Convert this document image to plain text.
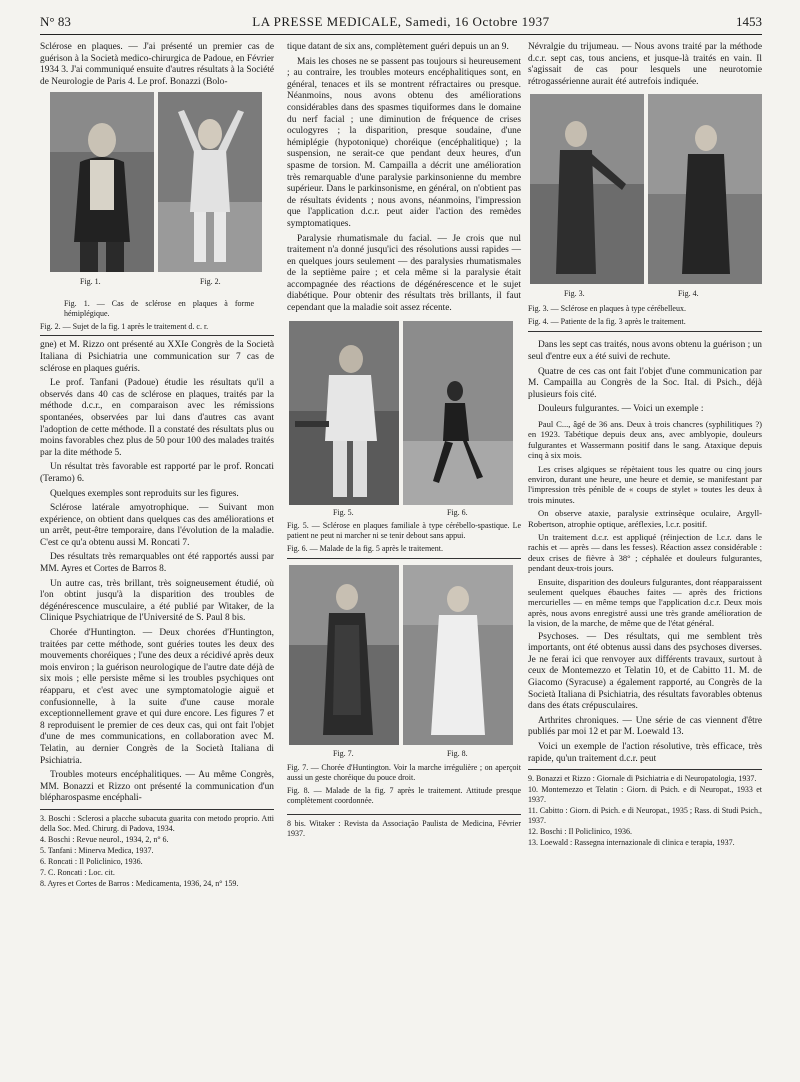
N° 83	LA PRESSE MEDICALE, Samedi, 16 Octobre 1937	1453

Sclérose en plaques. — J'ai présenté un premier cas de guérison à la Società medico-chirurgica de Padoue, en Février 1934 3. J'ai communiqué ensuite d'autres résultats à la Société de Neurologie de Paris 4. Le prof. Bonazzi (Bolo-

Fig. 1.	Fig. 2.

Fig. 1. — Cas de sclérose en plaques à forme hémiplégique.

Fig. 2. — Sujet de la fig. 1 après le traitement d. c. r.

gne) et M. Rizzo ont présenté au XXIe Congrès de la Società Italiana di Psichiatria une communication sur 7 cas de sclérose en plaques guéris.

Le prof. Tanfani (Padoue) étudie les résultats qu'il a observés dans 40 cas de sclérose en plaques, traités par la méthode d.c.r., en comparaison avec les rémissions spontanées, observées par lui dans d'autres cas avant l'adoption de cette méthode. Il a constaté des résultats plus ou moins favorables chez plus de 50 pour 100 des malades traités par la dite méthode 5.

Un résultat très favorable est rapporté par le prof. Roncati (Teramo) 6.

Quelques exemples sont reproduits sur les figures.

Sclérose latérale amyotrophique. — Suivant mon expérience, on obtient dans quelques cas des améliorations et un arrêt, peut-être temporaire, dans l'évolution de la maladie. C'est ce qu'a obtenu aussi M. Roncati 7.

Des résultats très remarquables ont été rapportés aussi par MM. Ayres et Cortes de Barros 8.

Un autre cas, très brillant, très soigneusement étudié, où l'on obtint jusqu'à la disparition des troubles de dégénérescence musculaire, a été publié par Witaker, de la Clinique Psychiatrique de l'Université de S. Paul 8 bis.

Chorée d'Huntington. — Deux chorées d'Huntington, traitées par cette méthode, sont guéries toutes les deux des mouvements choréiques ; l'une des deux a récidivé après deux mois environ ; la guérison neurologique de l'autre date déjà de six mois ; elle persiste même si les troubles psychiques ont réapparu, et c'est avec une symptomatologie aiguë et confusionnelle, à la suite d'une cause morale exceptionnellement grave et qui dure encore. Les figures 7 et 8 reproduisent le premier de ces deux cas, qui ont fait l'objet d'une de mes communications, en collaboration avec M. Telatin, au dernier Congrès de la Società Italiana di Psichiatria.

Troubles moteurs encéphalitiques. — Au même Congrès, MM. Bonazzi et Rizzo ont présenté la communication d'un blépharospasme encéphali-

3. Boschi : Sclerosi a placche subacuta guarita con metodo proprio. Atti della Soc. Med. Chirurg. di Padova, 1934.
4. Boschi : Revue neurol., 1934, 2, n° 6.
5. Tanfani : Minerva Medica, 1937.
6. Roncati : Il Policlinico, 1936.
7. C. Roncati : Loc. cit.
8. Ayres et Cortes de Barros : Medicamenta, 1936, 24, n° 159.

tique datant de six ans, complètement guéri depuis un an 9.

Mais les choses ne se passent pas toujours si heureusement ; au contraire, les troubles moteurs encéphalitiques sont, en général, tenaces et ils se montrent réfractaires ou presque. Néanmoins, nous avons obtenu des améliorations considérables dans des spasmes tiquiformes dans le domaine du nerf facial ; une diminution de fréquence de crises oculogyres ; la disparition, presque soudaine, d'une hémiplégie (hypotonique) choréique (encéphalitique) ; la suspension, ne serait-ce que pendant deux heures, d'un spasme de torsion. M. Campailla a décrit une amélioration très remarquable d'une paralysie parkinsonienne du membre supérieur. Dans le parkinsonisme, en général, on n'obtient pas de résultats évidents ; nous avons, néanmoins, l'impression que l'application d.c.r. peut aider l'action des remèdes symptomatiques.

Paralysie rhumatismale du facial. — Je crois que nul traitement n'a donné jusqu'ici des résolutions aussi rapides — en quelques jours seulement — des paralysies rhumatismales de la septième paire ; et cela même si la paralysie était accompagnée des réactions de dégénérescence et le sujet diabétique. Pour obtenir des résultats très brillants, il faut cependant que la maladie soit assez récente.

Fig. 5.	Fig. 6.

Fig. 5. — Sclérose en plaques familiale à type cérébello-spastique. Le patient ne peut ni marcher ni se tenir debout sans appui.

Fig. 6. — Malade de la fig. 5 après le traitement.

Fig. 7.	Fig. 8.

Fig. 7. — Chorée d'Huntington. Voir la marche irrégulière ; on aperçoit aussi un geste choréique du pouce droit.

Fig. 8. — Malade de la fig. 7 après le traitement. Attitude presque complètement coordonnée.

8 bis. Witaker : Revista da Associação Paulista de Medicina, Février 1937.

Névralgie du trijumeau. — Nous avons traité par la méthode d.c.r. sept cas, tous anciens, et jusque-là traités en vain. Il s'agissait de cas pour lesquels une neurotomie rétrogassérienne aurait été autrefois indiquée.

Fig. 3.	Fig. 4.

Fig. 3. — Sclérose en plaques à type cérébelleux.

Fig. 4. — Patiente de la fig. 3 après le traitement.

Dans les sept cas traités, nous avons obtenu la guérison ; un seul d'entre eux a été suivi de rechute.

Quatre de ces cas ont fait l'objet d'une communication par M. Campailla au Congrès de la Soc. Ital. di Psich., déjà plusieurs fois cité.

Douleurs fulgurantes. — Voici un exemple :

Paul C..., âgé de 36 ans. Deux à trois chancres (syphilitiques ?) en 1923. Tabétique depuis deux ans, avec amblyopie, douleurs fulgurantes et Wassermann positif dans le sang. Ataxique depuis cinq à six mois.

Les crises algiques se répètaient tous les quatre ou cinq jours environ, durant une heure, une heure et demie, se manifestant par l'impression très pénible de « coups de stylet » toutes les deux à trois minutes.

On observe ataxie, paralysie extrinsèque oculaire, Argyll-Robertson, atrophie optique, aréflexies, l.c.r. positif.

Un traitement d.c.r. est appliqué (réinjection de l.c.r. dans le rachis et — après — dans les fesses). Réaction assez considérable : deux crises de fièvre à 38° ; céphalée et douleurs fulgurantes, pendant deux-trois jours.

Ensuite, disparition des douleurs fulgurantes, dont réapparaissent seulement quelques ébauches faites — après des frictions mercurielles — en même temps que l'application d.c.r. Deux mois après, nous avons enregistré aussi une très grande amélioration de la vision, de la marche, de même que de l'état général.

Psychoses. — Des résultats, qui me semblent très importants, ont été obtenus aussi dans des psychoses diverses. Je ne ferai ici que renvoyer aux différents travaux, surtout à ceux de Montemezzo et Telatin 10, et de Cabitto 11. M. de Giacomo (Syracuse) a également rapporté, au Congrès de la Società Italiana di Psichiatria, des résultats favorables obtenus dans des états crépusculaires.

Arthrites chroniques. — Une série de cas viennent d'être publiés par moi 12 et par M. Loewald 13.

Voici un exemple de l'action résolutive, très efficace, très rapide, qu'un traitement d.c.r. peut

9. Bonazzi et Rizzo : Giornale di Psichiatria e di Neuropatologia, 1937.
10. Montemezzo et Telatin : Giorn. di Psich. e di Neuropat., 1933 et 1937.
11. Cabitto : Giorn. di Psich. e di Neuropat., 1935 ; Rass. di Studi Psich., 1937.
12. Boschi : Il Policlinico, 1936.
13. Loewald : Rassegna internazionale di clinica e terapia, 1937.
